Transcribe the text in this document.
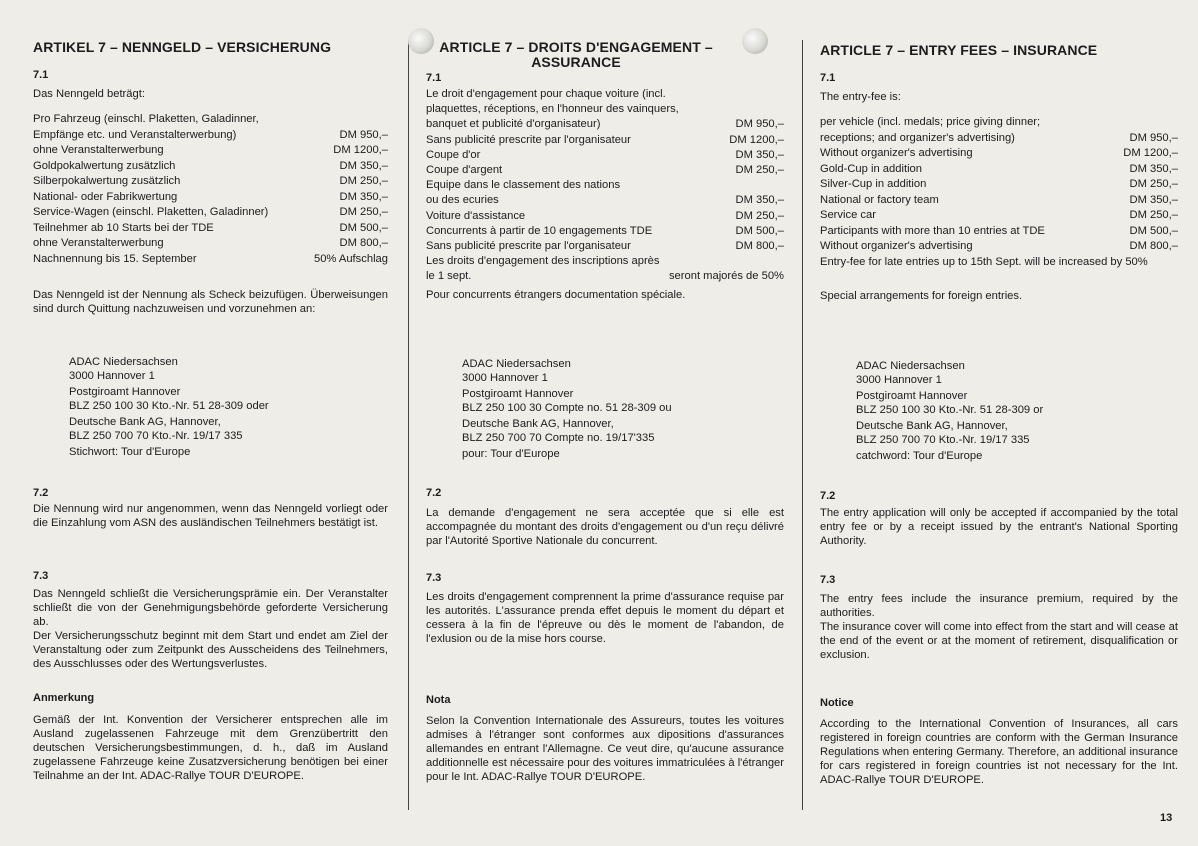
ARTIKEL 7 – NENNGELD – VERSICHERUNG
7.1
Das Nenngeld beträgt:
Pro Fahrzeug (einschl. Plaketten, Galadinner,
Empfänge etc. und Veranstalterwerbung)	DM 950,–
ohne Veranstalterwerbung	DM 1200,–
Goldpokalwertung zusätzlich	DM 350,–
Silberpokalwertung zusätzlich	DM 250,–
National- oder Fabrikwertung	DM 350,–
Service-Wagen (einschl. Plaketten, Galadinner)	DM 250,–
Teilnehmer ab 10 Starts bei der TDE	DM 500,–
ohne Veranstalterwerbung	DM 800,–
Nachnennung bis 15. September	50% Aufschlag
Das Nenngeld ist der Nennung als Scheck beizufügen. Überweisungen sind durch Quittung nachzuweisen und vorzunehmen an:
ADAC Niedersachsen
3000 Hannover 1
Postgiroamt Hannover
BLZ 250 100 30 Kto.-Nr. 51 28-309 oder
Deutsche Bank AG, Hannover,
BLZ 250 700 70 Kto.-Nr. 19/17 335
Stichwort: Tour d'Europe
7.2
Die Nennung wird nur angenommen, wenn das Nenngeld vorliegt oder die Einzahlung vom ASN des ausländischen Teilnehmers bestätigt ist.
7.3
Das Nenngeld schließt die Versicherungsprämie ein. Der Veranstalter schließt die von der Genehmigungsbehörde geforderte Versicherung ab.
Der Versicherungsschutz beginnt mit dem Start und endet am Ziel der Veranstaltung oder zum Zeitpunkt des Ausscheidens des Teilnehmers, des Ausschlusses oder des Wertungsverlustes.
Anmerkung
Gemäß der Int. Konvention der Versicherer entsprechen alle im Ausland zugelassenen Fahrzeuge mit dem Grenzübertritt den deutschen Versicherungsbestimmungen, d. h., daß im Ausland zugelassene Fahrzeuge keine Zusatzversicherung benötigen bei einer Teilnahme an der Int. ADAC-Rallye TOUR D'EUROPE.
ARTICLE 7 – DROITS D'ENGAGEMENT –
ASSURANCE
7.1
Le droit d'engagement pour chaque voiture (incl.
plaquettes, réceptions, en l'honneur des vainquers,
banquet et publicité d'organisateur)	DM 950,–
Sans publicité prescrite par l'organisateur	DM 1200,–
Coupe d'or	DM 350,–
Coupe d'argent	DM 250,–
Equipe dans le classement des nations
ou des ecuries	DM 350,–
Voiture d'assistance	DM 250,–
Concurrents à partir de 10 engagements TDE	DM 500,–
Sans publicité prescrite par l'organisateur	DM 800,–
Les droits d'engagement des inscriptions après
le 1 sept.	seront majorés de 50%
Pour concurrents étrangers documentation spéciale.
ADAC Niedersachsen
3000 Hannover 1
Postgiroamt Hannover
BLZ 250 100 30 Compte no. 51 28-309 ou
Deutsche Bank AG, Hannover,
BLZ 250 700 70 Compte no. 19/17'335
pour: Tour d'Europe
7.2
La demande d'engagement ne sera acceptée que si elle est accompagnée du montant des droits d'engagement ou d'un reçu délivré par l'Autorité Sportive Nationale du concurrent.
7.3
Les droits d'engagement comprennent la prime d'assurance requise par les autorités. L'assurance prenda effet depuis le moment du départ et cessera à la fin de l'épreuve ou dès le moment de l'abandon, de l'exlusion ou de la mise hors course.
Nota
Selon la Convention Internationale des Assureurs, toutes les voitures admises à l'étranger sont conformes aux dipositions d'assurances allemandes en entrant l'Allemagne. Ce veut dire, qu'aucune assurance additionnelle est nécessaire pour des voitures immatriculées à l'étranger pour le Int. ADAC-Rallye TOUR D'EUROPE.
ARTICLE 7 – ENTRY FEES – INSURANCE
7.1
The entry-fee is:
per vehicle (incl. medals; price giving dinner;
receptions; and organizer's advertising)	DM 950,–
Without organizer's advertising	DM 1200,–
Gold-Cup in addition	DM 350,–
Silver-Cup in addition	DM 250,–
National or factory team	DM 350,–
Service car	DM 250,–
Participants with more than 10 entries at TDE	DM 500,–
Without organizer's advertising	DM 800,–
Entry-fee for late entries up to 15th Sept. will be increased by 50%
Special arrangements for foreign entries.
ADAC Niedersachsen
3000 Hannover 1
Postgiroamt Hannover
BLZ 250 100 30 Kto.-Nr. 51 28-309 or
Deutsche Bank AG, Hannover,
BLZ 250 700 70 Kto.-Nr. 19/17 335
catchword: Tour d'Europe
7.2
The entry application will only be accepted if accompanied by the total entry fee or by a receipt issued by the entrant's National Sporting Authority.
7.3
The entry fees include the insurance premium, required by the authorities.
The insurance cover will come into effect from the start and will cease at the end of the event or at the moment of retirement, disqualification or exclusion.
Notice
According to the International Convention of Insurances, all cars registered in foreign countries are conform with the German Insurance Regulations when entering Germany. Therefore, an additional insurance for cars registered in foreign countries ist not necessary for the Int. ADAC-Rallye TOUR D'EUROPE.
13
